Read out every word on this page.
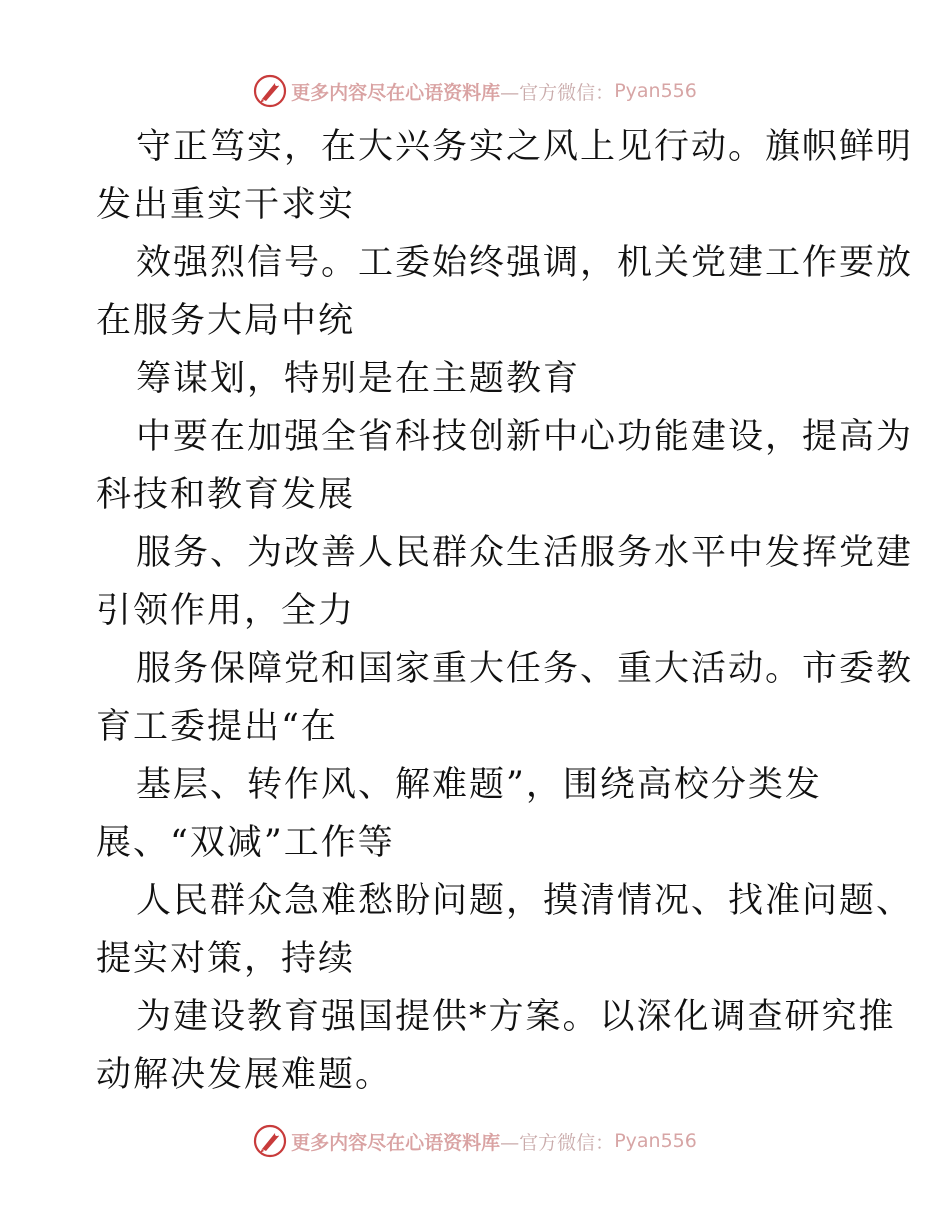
更多内容尽在心语资料库 —官方微信： Pyan556
守正笃实，在大兴务实之风上见行动。旗帜鲜明
发出重实干求实
效强烈信号。工委始终强调，机关党建工作要放
在服务大局中统
筹谋划，特别是在主题教育
中要在加强全省科技创新中心功能建设，提高为
科技和教育发展
服务、为改善人民群众生活服务水平中发挥党建
引领作用，全力
服务保障党和国家重大任务、重大活动。市委教
育工委提出“在
基层、转作风、解难题”，围绕高校分类发
展、“双减”工作等
人民群众急难愁盼问题，摸清情况、找准问题、
提实对策，持续
为建设教育强国提供*方案。以深化调查研究推
动解决发展难题。
更多内容尽在心语资料库 —官方微信： Pyan556
